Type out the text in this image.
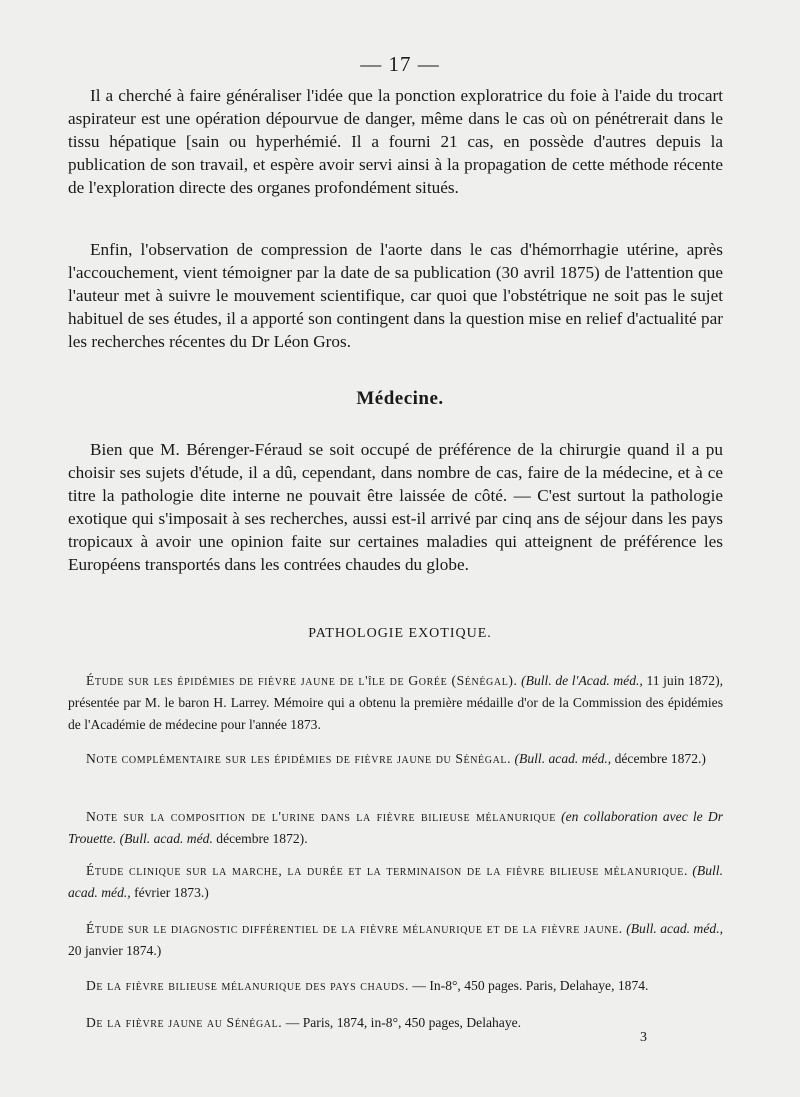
— 17 —

Il a cherché à faire généraliser l'idée que la ponction exploratrice du foie à l'aide du trocart aspirateur est une opération dépourvue de danger, même dans le cas où on pénétrerait dans le tissu hépatique [sain ou hyperhémié. Il a fourni 21 cas, en possède d'autres depuis la publication de son travail, et espère avoir servi ainsi à la propagation de cette méthode récente de l'exploration directe des organes profondément situés.

Enfin, l'observation de compression de l'aorte dans le cas d'hémorrhagie utérine, après l'accouchement, vient témoigner par la date de sa publication (30 avril 1875) de l'attention que l'auteur met à suivre le mouvement scientifique, car quoi que l'obstétrique ne soit pas le sujet habituel de ses études, il a apporté son contingent dans la question mise en relief d'actualité par les recherches récentes du Dr Léon Gros.

Médecine.

Bien que M. Bérenger-Féraud se soit occupé de préférence de la chirurgie quand il a pu choisir ses sujets d'étude, il a dû, cependant, dans nombre de cas, faire de la médecine, et à ce titre la pathologie dite interne ne pouvait être laissée de côté. — C'est surtout la pathologie exotique qui s'imposait à ses recherches, aussi est-il arrivé par cinq ans de séjour dans les pays tropicaux à avoir une opinion faite sur certaines maladies qui atteignent de préférence les Européens transportés dans les contrées chaudes du globe.

PATHOLOGIE EXOTIQUE.

Étude sur les épidémies de fièvre jaune de l'île de Gorée (Sénégal). (Bull. de l'Acad. méd., 11 juin 1872), présentée par M. le baron H. Larrey. Mémoire qui a obtenu la première médaille d'or de la Commission des épidémies de l'Académie de médecine pour l'année 1873.

Note complémentaire sur les épidémies de fièvre jaune du Sénégal. (Bull. acad. méd., décembre 1872.)

Note sur la composition de l'urine dans la fièvre bilieuse mélanurique (en collaboration avec le Dr Trouette. (Bull. acad. méd. décembre 1872).

Étude clinique sur la marche, la durée et la terminaison de la fièvre bilieuse mélanurique. (Bull. acad. méd., février 1873.)

Étude sur le diagnostic différentiel de la fièvre mélanurique et de la fièvre jaune. (Bull. acad. méd., 20 janvier 1874.)

De la fièvre bilieuse mélanurique des pays chauds. — In-8°, 450 pages. Paris, Delahaye, 1874.

De la fièvre jaune au Sénégal. — Paris, 1874, in-8°, 450 pages, Delahaye.

3
